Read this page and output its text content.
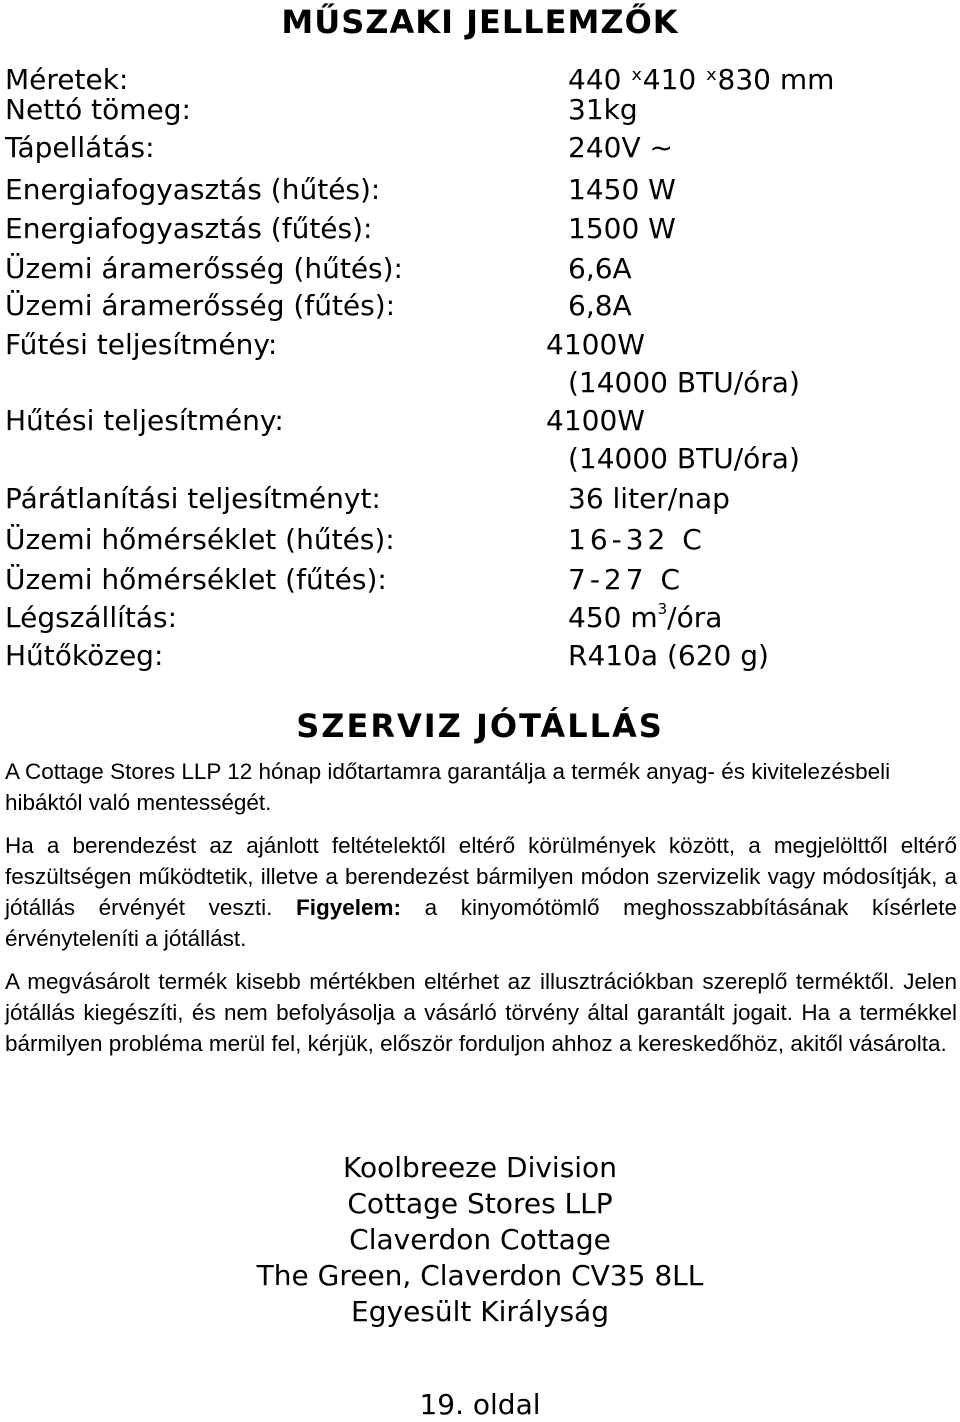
MŰSZAKI JELLEMZŐK
Méretek:
Nettó tömeg:
Tápellátás:
Energiafogyasztás (hűtés):
Energiafogyasztás (fűtés):
Üzemi áramerősség (hűtés):
Üzemi áramerősség (fűtés):
Fűtési teljesítmény:
Hűtési teljesítmény:
Párátlanítási teljesítményt:
Üzemi hőmérséklet (hűtés):
Üzemi hőmérséklet (fűtés):
Légszállítás:
Hűtőközeg:
440 ˣ410 ˣ830 mm
31kg
240V ~
1450 W
1500 W
6,6A
6,8A
4100W
(14000 BTU/óra)
4100W
(14000 BTU/óra)
36 liter/nap
16-32 C
7-27 C
450 $m^3$/óra
R410a (620 g)
SZERVIZ JÓTÁLLÁS
A Cottage Stores LLP 12 hónap időtartamra garantálja a termék anyag- és kivitelezésbeli hibáktól való mentességét.
Ha a berendezést az ajánlott feltételektől eltérő körülmények között, a megjelölttől eltérő feszültségen működtetik, illetve a berendezést bármilyen módon szervizelik vagy módosítják, a jótállás érvényét veszti. Figyelem: a kinyomótömlő meghosszabbításának kísérlete érvényteleníti a jótállást.
A megvásárolt termék kisebb mértékben eltérhet az illusztrációkban szereplő terméktől. Jelen jótállás kiegészíti, és nem befolyásolja a vásárló törvény által garantált jogait. Ha a termékkel bármilyen probléma merül fel, kérjük, először forduljon ahhoz a kereskedőhöz, akitől vásárolta.
Koolbreeze Division
Cottage Stores LLP
Claverdon Cottage
The Green, Claverdon CV35 8LL
Egyesült Királyság
19. oldal
